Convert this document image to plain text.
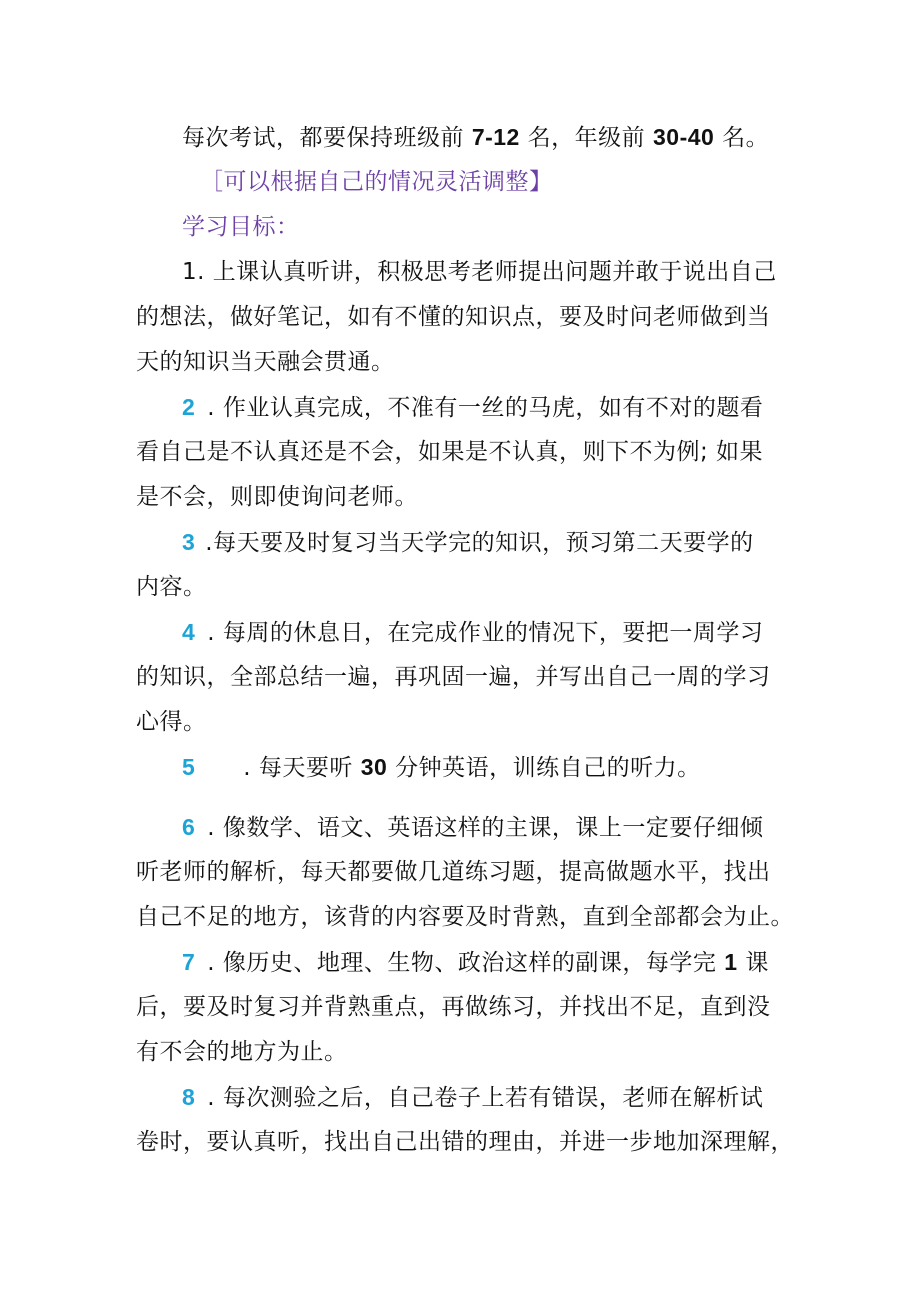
每次考试，都要保持班级前 7-12 名，年级前 30-40 名。
［可以根据自己的情况灵活调整】
学习目标：
1. 上课认真听讲，积极思考老师提出问题并敢于说出自己
的想法，做好笔记，如有不懂的知识点，要及时问老师做到当
天的知识当天融会贯通。
2 . 作业认真完成，不准有一丝的马虎，如有不对的题看
看自己是不认真还是不会，如果是不认真，则下不为例; 如果
是不会，则即使询问老师。
3 .每天要及时复习当天学完的知识，预习第二天要学的
内容。
4 . 每周的休息日，在完成作业的情况下，要把一周学习
的知识，全部总结一遍，再巩固一遍，并写出自己一周的学习
心得。
5 . 每天要听 30 分钟英语，训练自己的听力。
6 . 像数学、语文、英语这样的主课，课上一定要仔细倾
听老师的解析，每天都要做几道练习题，提高做题水平，找出
自己不足的地方，该背的内容要及时背熟，直到全部都会为止。
7 . 像历史、地理、生物、政治这样的副课，每学完 1 课
后，要及时复习并背熟重点，再做练习，并找出不足，直到没
有不会的地方为止。
8 . 每次测验之后，自己卷子上若有错误，老师在解析试
卷时，要认真听，找出自己出错的理由，并进一步地加深理解，
